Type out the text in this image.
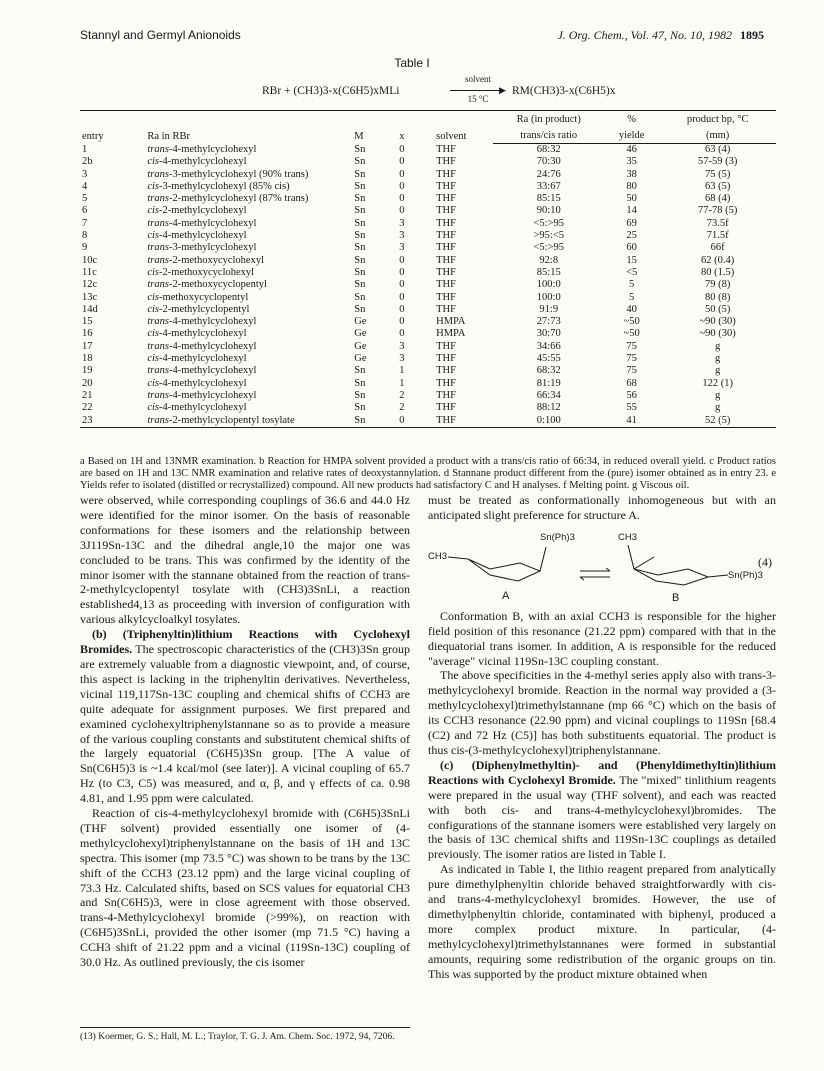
Stannyl and Germyl Anionoids	J. Org. Chem., Vol. 47, No. 10, 1982 1895
Table I
RBr + (CH3)3-x(C6H5)xMLi
solvent
▶
15 °C
RM(CH3)3-x(C6H5)x
entry	Ra in RBr	M	x	solvent	Ra (in product)	%	product bp, °C
					trans/cis ratio	yielde	(mm)
1	trans-4-methylcyclohexyl	Sn	0	THF	68:32	46	63 (4)
2b	cis-4-methylcyclohexyl	Sn	0	THF	70:30	35	57-59 (3)
3	trans-3-methylcyclohexyl (90% trans)	Sn	0	THF	24:76	38	75 (5)
4	cis-3-methylcyclohexyl (85% cis)	Sn	0	THF	33:67	80	63 (5)
5	trans-2-methylcyclohexyl (87% trans)	Sn	0	THF	85:15	50	68 (4)
6	cis-2-methylcyclohexyl	Sn	0	THF	90:10	14	77-78 (5)
7	trans-4-methylcyclohexyl	Sn	3	THF	<5:>95	69	73.5f
8	cis-4-methylcyclohexyl	Sn	3	THF	>95:<5	25	71.5f
9	trans-3-methylcyclohexyl	Sn	3	THF	<5:>95	60	66f
10c	trans-2-methoxycyclohexyl	Sn	0	THF	92:8	15	62 (0.4)
11c	cis-2-methoxycyclohexyl	Sn	0	THF	85:15	<5	80 (1.5)
12c	trans-2-methoxycyclopentyl	Sn	0	THF	100:0	5	79 (8)
13c	cis-methoxycyclopentyl	Sn	0	THF	100:0	5	80 (8)
14d	cis-2-methylcyclopentyl	Sn	0	THF	91:9	40	50 (5)
15	trans-4-methylcyclohexyl	Ge	0	HMPA	27:73	~50	~90 (30)
16	cis-4-methylcyclohexyl	Ge	0	HMPA	30:70	~50	~90 (30)
17	trans-4-methylcyclohexyl	Ge	3	THF	34:66	75	g
18	cis-4-methylcyclohexyl	Ge	3	THF	45:55	75	g
19	trans-4-methylcyclohexyl	Sn	1	THF	68:32	75	g
20	cis-4-methylcyclohexyl	Sn	1	THF	81:19	68	122 (1)
21	trans-4-methylcyclohexyl	Sn	2	THF	66:34	56	g
22	cis-4-methylcyclohexyl	Sn	2	THF	88:12	55	g
23	trans-2-methylcyclopentyl tosylate	Sn	0	THF	0:100	41	52 (5)
a Based on 1H and 13NMR examination. b Reaction for HMPA solvent provided a product with a trans/cis ratio of 66:34, in reduced overall yield. c Product ratios are based on 1H and 13C NMR examination and relative rates of deoxystannylation. d Stannane product different from the (pure) isomer obtained as in entry 23. e Yields refer to isolated (distilled or recrystallized) compound. All new products had satisfactory C and H analyses. f Melting point. g Viscous oil.

were observed, while corresponding couplings of 36.6 and 44.0 Hz were identified for the minor isomer. On the basis of reasonable conformations for these isomers and the relationship between 3J119Sn-13C and the dihedral angle,10 the major one was concluded to be trans. This was confirmed by the identity of the minor isomer with the stannane obtained from the reaction of trans-2-methylcyclopentyl tosylate with (CH3)3SnLi, a reaction established4,13 as proceeding with inversion of configuration with various alkylcycloalkyl tosylates.

(b) (Triphenyltin)lithium Reactions with Cyclohexyl Bromides. The spectroscopic characteristics of the (CH3)3Sn group are extremely valuable from a diagnostic viewpoint, and, of course, this aspect is lacking in the triphenyltin derivatives. Nevertheless, vicinal 119,117Sn-13C coupling and chemical shifts of CCH3 are quite adequate for assignment purposes. We first prepared and examined cyclohexyltriphenylstannane so as to provide a measure of the various coupling constants and substitutent chemical shifts of the largely equatorial (C6H5)3Sn group. [The A value of Sn(C6H5)3 is ~1.4 kcal/mol (see later)]. A vicinal coupling of 65.7 Hz (to C3, C5) was measured, and α, β, and γ effects of ca. 0.98 4.81, and 1.95 ppm were calculated.

Reaction of cis-4-methylcyclohexyl bromide with (C6H5)3SnLi (THF solvent) provided essentially one isomer of (4-methylcyclohexyl)triphenylstannane on the basis of 1H and 13C spectra. This isomer (mp 73.5 °C) was shown to be trans by the 13C shift of the CCH3 (23.12 ppm) and the large vicinal coupling of 73.3 Hz. Calculated shifts, based on SCS values for equatorial CH3 and Sn(C6H5)3, were in close agreement with those observed. trans-4-Methylcyclohexyl bromide (>99%), on reaction with (C6H5)3SnLi, provided the other isomer (mp 71.5 °C) having a CCH3 shift of 21.22 ppm and a vicinal (119Sn-13C) coupling of 30.0 Hz. As outlined previously, the cis isomer

must be treated as conformationally inhomogeneous but with an anticipated slight preference for structure A.

Sn(Ph)3
CH3
CH3
Sn(Ph)3
A	B
(4)

Conformation B, with an axial CCH3 is responsible for the higher field position of this resonance (21.22 ppm) compared with that in the diequatorial trans isomer. In addition, A is responsible for the reduced "average" vicinal 119Sn-13C coupling constant.

The above specificities in the 4-methyl series apply also with trans-3-methylcyclohexyl bromide. Reaction in the normal way provided a (3-methylcyclohexyl)trimethylstannane (mp 66 °C) which on the basis of its CCH3 resonance (22.90 ppm) and vicinal couplings to 119Sn [68.4 (C2) and 72 Hz (C5)] has both substituents equatorial. The product is thus cis-(3-methylcyclohexyl)triphenylstannane.

(c) (Diphenylmethyltin)- and (Phenyldimethyltin)lithium Reactions with Cyclohexyl Bromide. The "mixed" tinlithium reagents were prepared in the usual way (THF solvent), and each was reacted with both cis- and trans-4-methylcyclohexyl)bromides. The configurations of the stannane isomers were established very largely on the basis of 13C chemical shifts and 119Sn-13C couplings as detailed previously. The isomer ratios are listed in Table I.

As indicated in Table I, the lithio reagent prepared from analytically pure dimethylphenyltin chloride behaved straightforwardly with cis- and trans-4-methylcyclohexyl bromides. However, the use of dimethylphenyltin chloride, contaminated with biphenyl, produced a more complex product mixture. In particular, (4-methylcyclohexyl)trimethylstannanes were formed in substantial amounts, requiring some redistribution of the organic groups on tin. This was supported by the product mixture obtained when

(13) Koermer, G. S.; Hall, M. L.; Traylor, T. G. J. Am. Chem. Soc. 1972, 94, 7206.
